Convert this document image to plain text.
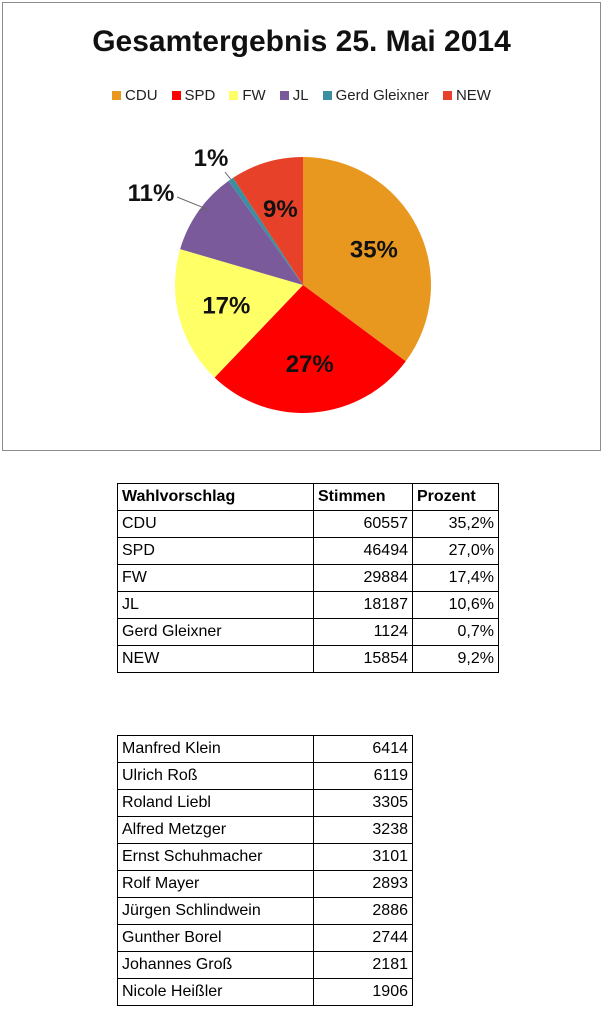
Gesamtergebnis 25. Mai 2014
CDU SPD FW JL Gerd Gleixner NEW
35%
27%
17%
11%
1%
9%
Wahlvorschlag	Stimmen	Prozent
CDU	60557	35,2%
SPD	46494	27,0%
FW	29884	17,4%
JL	18187	10,6%
Gerd Gleixner	1124	0,7%
NEW	15854	9,2%
Manfred Klein	6414
Ulrich Roß	6119
Roland Liebl	3305
Alfred Metzger	3238
Ernst Schuhmacher	3101
Rolf Mayer	2893
Jürgen Schlindwein	2886
Gunther Borel	2744
Johannes Groß	2181
Nicole Heißler	1906
